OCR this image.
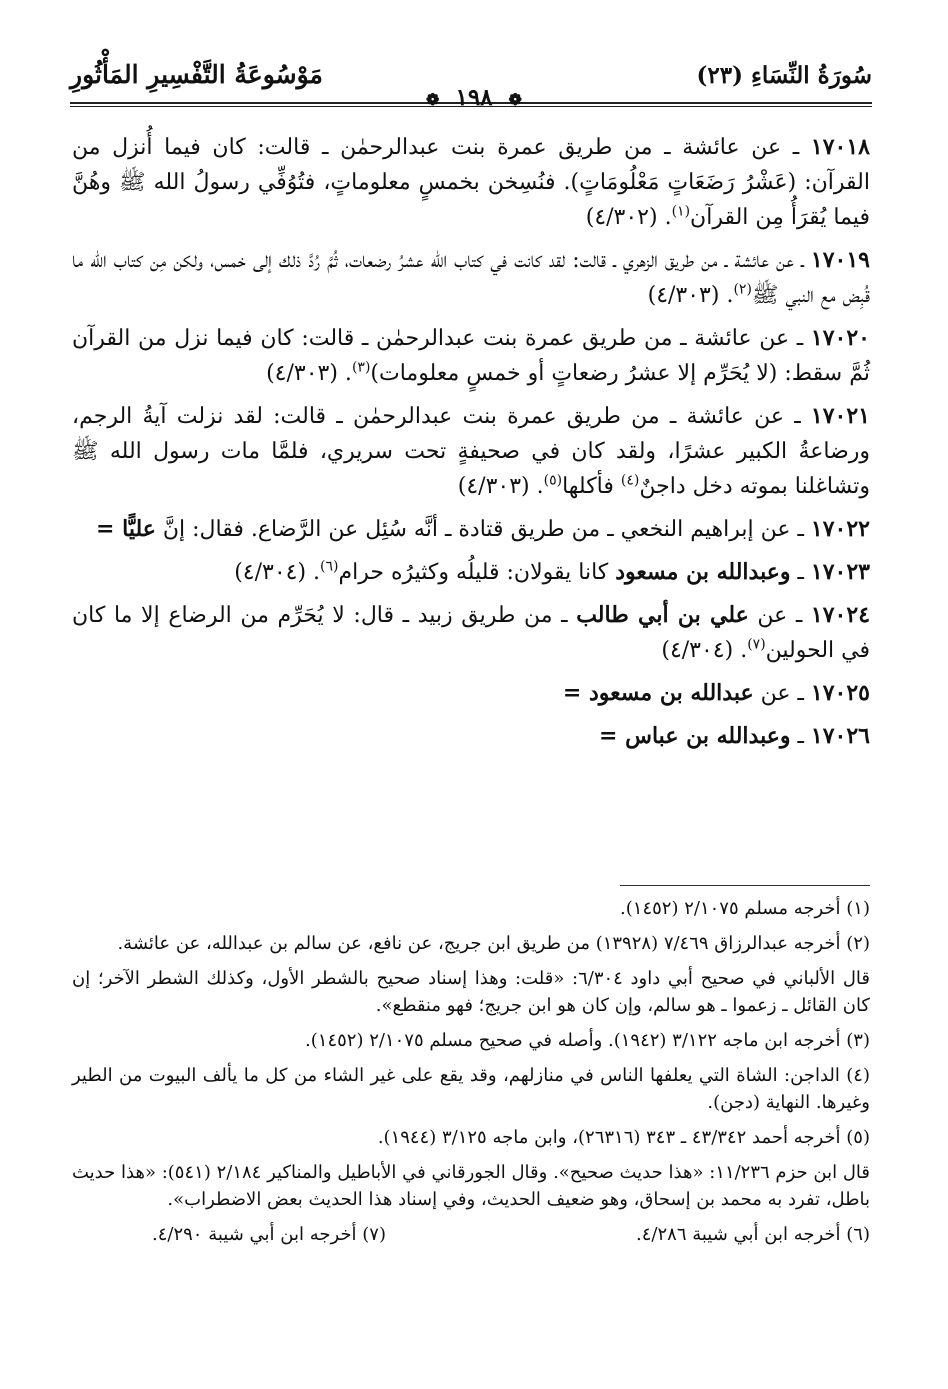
سُورَةُ النِّسَاءِ (٢٣)
مَوْسُوعَةُ التَّفْسِيرِ المَأْثُورِ
❁ ١٩٨ ❁

١٧٠١٨ ـ عن عائشة ـ من طريق عمرة بنت عبدالرحمٰن ـ قالت: كان فيما أُنزل من القرآن: (عَشْرُ رَضَعَاتٍ مَعْلُومَاتٍ). فنُسِخن بخمسٍ معلوماتٍ، فتُوُفِّي رسولُ الله ﷺ وهُنَّ فيما يُقرَأُ مِن القرآن$^{(١)}$. (٤/٣٠٢)

١٧٠١٩ ـ عن عائشة ـ من طريق الزهري ـ قالت: لقد كانت في كتاب الله عشرُ رضعات، ثُمَّ رُدَّ ذلك إلى خمس، ولكن مِن كتاب الله ما قُبِض مع النبي ﷺ$^{(٢)}$. (٤/٣٠٣)

١٧٠٢٠ ـ عن عائشة ـ من طريق عمرة بنت عبدالرحمٰن ـ قالت: كان فيما نزل من القرآن ثُمَّ سقط: (لا يُحَرِّم إلا عشرُ رضعاتٍ أو خمسٍ معلومات)$^{(٣)}$. (٤/٣٠٣)

١٧٠٢١ ـ عن عائشة ـ من طريق عمرة بنت عبدالرحمٰن ـ قالت: لقد نزلت آيةُ الرجم، ورضاعةُ الكبير عشرًا، ولقد كان في صحيفةٍ تحت سريري، فلمَّا مات رسول الله ﷺ وتشاغلنا بموته دخل داجنٌ$^{(٤)}$ فأكلها$^{(٥)}$. (٤/٣٠٣)

١٧٠٢٢ ـ عن إبراهيم النخعي ـ من طريق قتادة ـ أنَّه سُئِل عن الرَّضاع. فقال: إنَّ عليًّا =

١٧٠٢٣ ـ وعبدالله بن مسعود كانا يقولان: قليلُه وكثيرُه حرام$^{(٦)}$. (٤/٣٠٤)

١٧٠٢٤ ـ عن علي بن أبي طالب ـ من طريق زبيد ـ قال: لا يُحَرِّم من الرضاع إلا ما كان في الحولين$^{(٧)}$. (٤/٣٠٤)

١٧٠٢٥ ـ عن عبدالله بن مسعود =

١٧٠٢٦ ـ وعبدالله بن عباس =

(١) أخرجه مسلم ٢/١٠٧٥ (١٤٥٢).
(٢) أخرجه عبدالرزاق ٧/٤٦٩ (١٣٩٢٨) من طريق ابن جريج، عن نافع، عن سالم بن عبدالله، عن عائشة.
قال الألباني في صحيح أبي داود ٦/٣٠٤: «قلت: وهذا إسناد صحيح بالشطر الأول، وكذلك الشطر الآخر؛ إن كان القائل ـ زعموا ـ هو سالم، وإن كان هو ابن جريج؛ فهو منقطع».
(٣) أخرجه ابن ماجه ٣/١٢٢ (١٩٤٢). وأصله في صحيح مسلم ٢/١٠٧٥ (١٤٥٢).
(٤) الداجن: الشاة التي يعلفها الناس في منازلهم، وقد يقع على غير الشاء من كل ما يألف البيوت من الطير وغيرها. النهاية (دجن).
(٥) أخرجه أحمد ٤٣/٣٤٢ ـ ٣٤٣ (٢٦٣١٦)، وابن ماجه ٣/١٢٥ (١٩٤٤).
قال ابن حزم ١١/٢٣٦: «هذا حديث صحيح». وقال الجورقاني في الأباطيل والمناكير ٢/١٨٤ (٥٤١): «هذا حديث باطل، تفرد به محمد بن إسحاق، وهو ضعيف الحديث، وفي إسناد هذا الحديث بعض الاضطراب».
(٦) أخرجه ابن أبي شيبة ٤/٢٨٦.
(٧) أخرجه ابن أبي شيبة ٤/٢٩٠.
